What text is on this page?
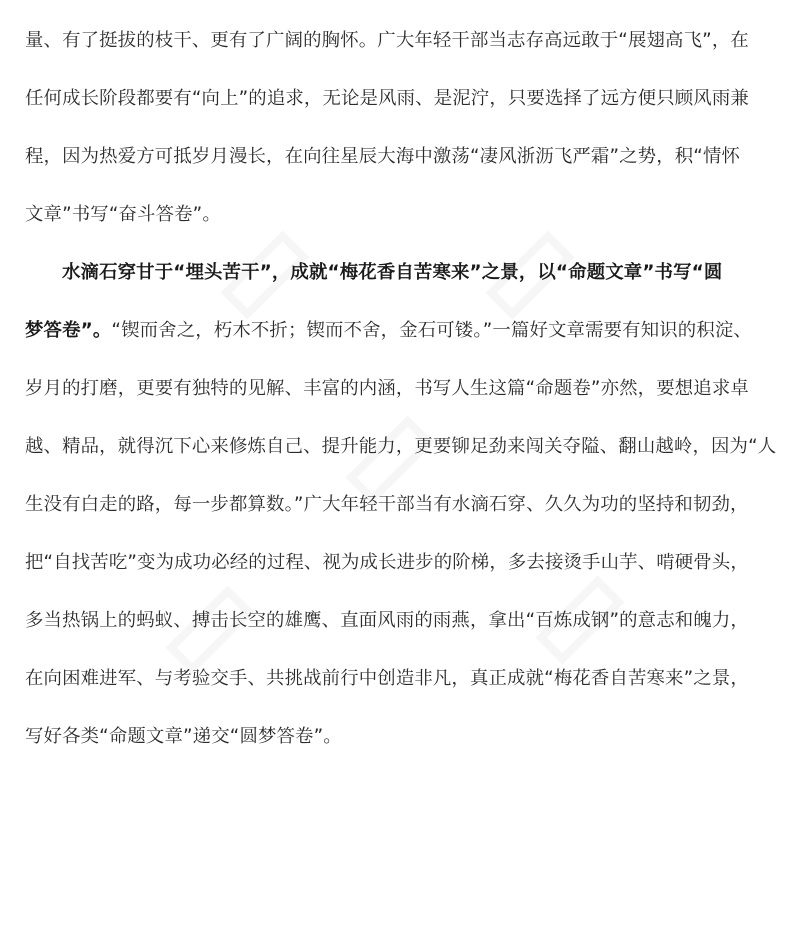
量、有了挺拔的枝干、更有了广阔的胸怀。广大年轻干部当志存高远敢于“展翅高飞”，在
任何成长阶段都要有“向上”的追求，无论是风雨、是泥泞，只要选择了远方便只顾风雨兼
程，因为热爱方可抵岁月漫长，在向往星辰大海中激荡“凄风浙沥飞严霜”之势，积“情怀
文章”书写“奋斗答卷”。
水滴石穿甘于“埋头苦干”，成就“梅花香自苦寒来”之景，以“命题文章”书写“圆
梦答卷”。“锲而舍之，朽木不折；锲而不舍，金石可镂。”一篇好文章需要有知识的积淀、
岁月的打磨，更要有独特的见解、丰富的内涵，书写人生这篇“命题卷”亦然，要想追求卓
越、精品，就得沉下心来修炼自己、提升能力，更要铆足劲来闯关夺隘、翻山越岭，因为“人
生没有白走的路，每一步都算数。”广大年轻干部当有水滴石穿、久久为功的坚持和韧劲，
把“自找苦吃”变为成功必经的过程、视为成长进步的阶梯，多去接烫手山芋、啃硬骨头，
多当热锅上的蚂蚁、搏击长空的雄鹰、直面风雨的雨燕，拿出“百炼成钢”的意志和魄力，
在向困难进军、与考验交手、共挑战前行中创造非凡，真正成就“梅花香自苦寒来”之景，
写好各类“命题文章”递交“圆梦答卷”。
